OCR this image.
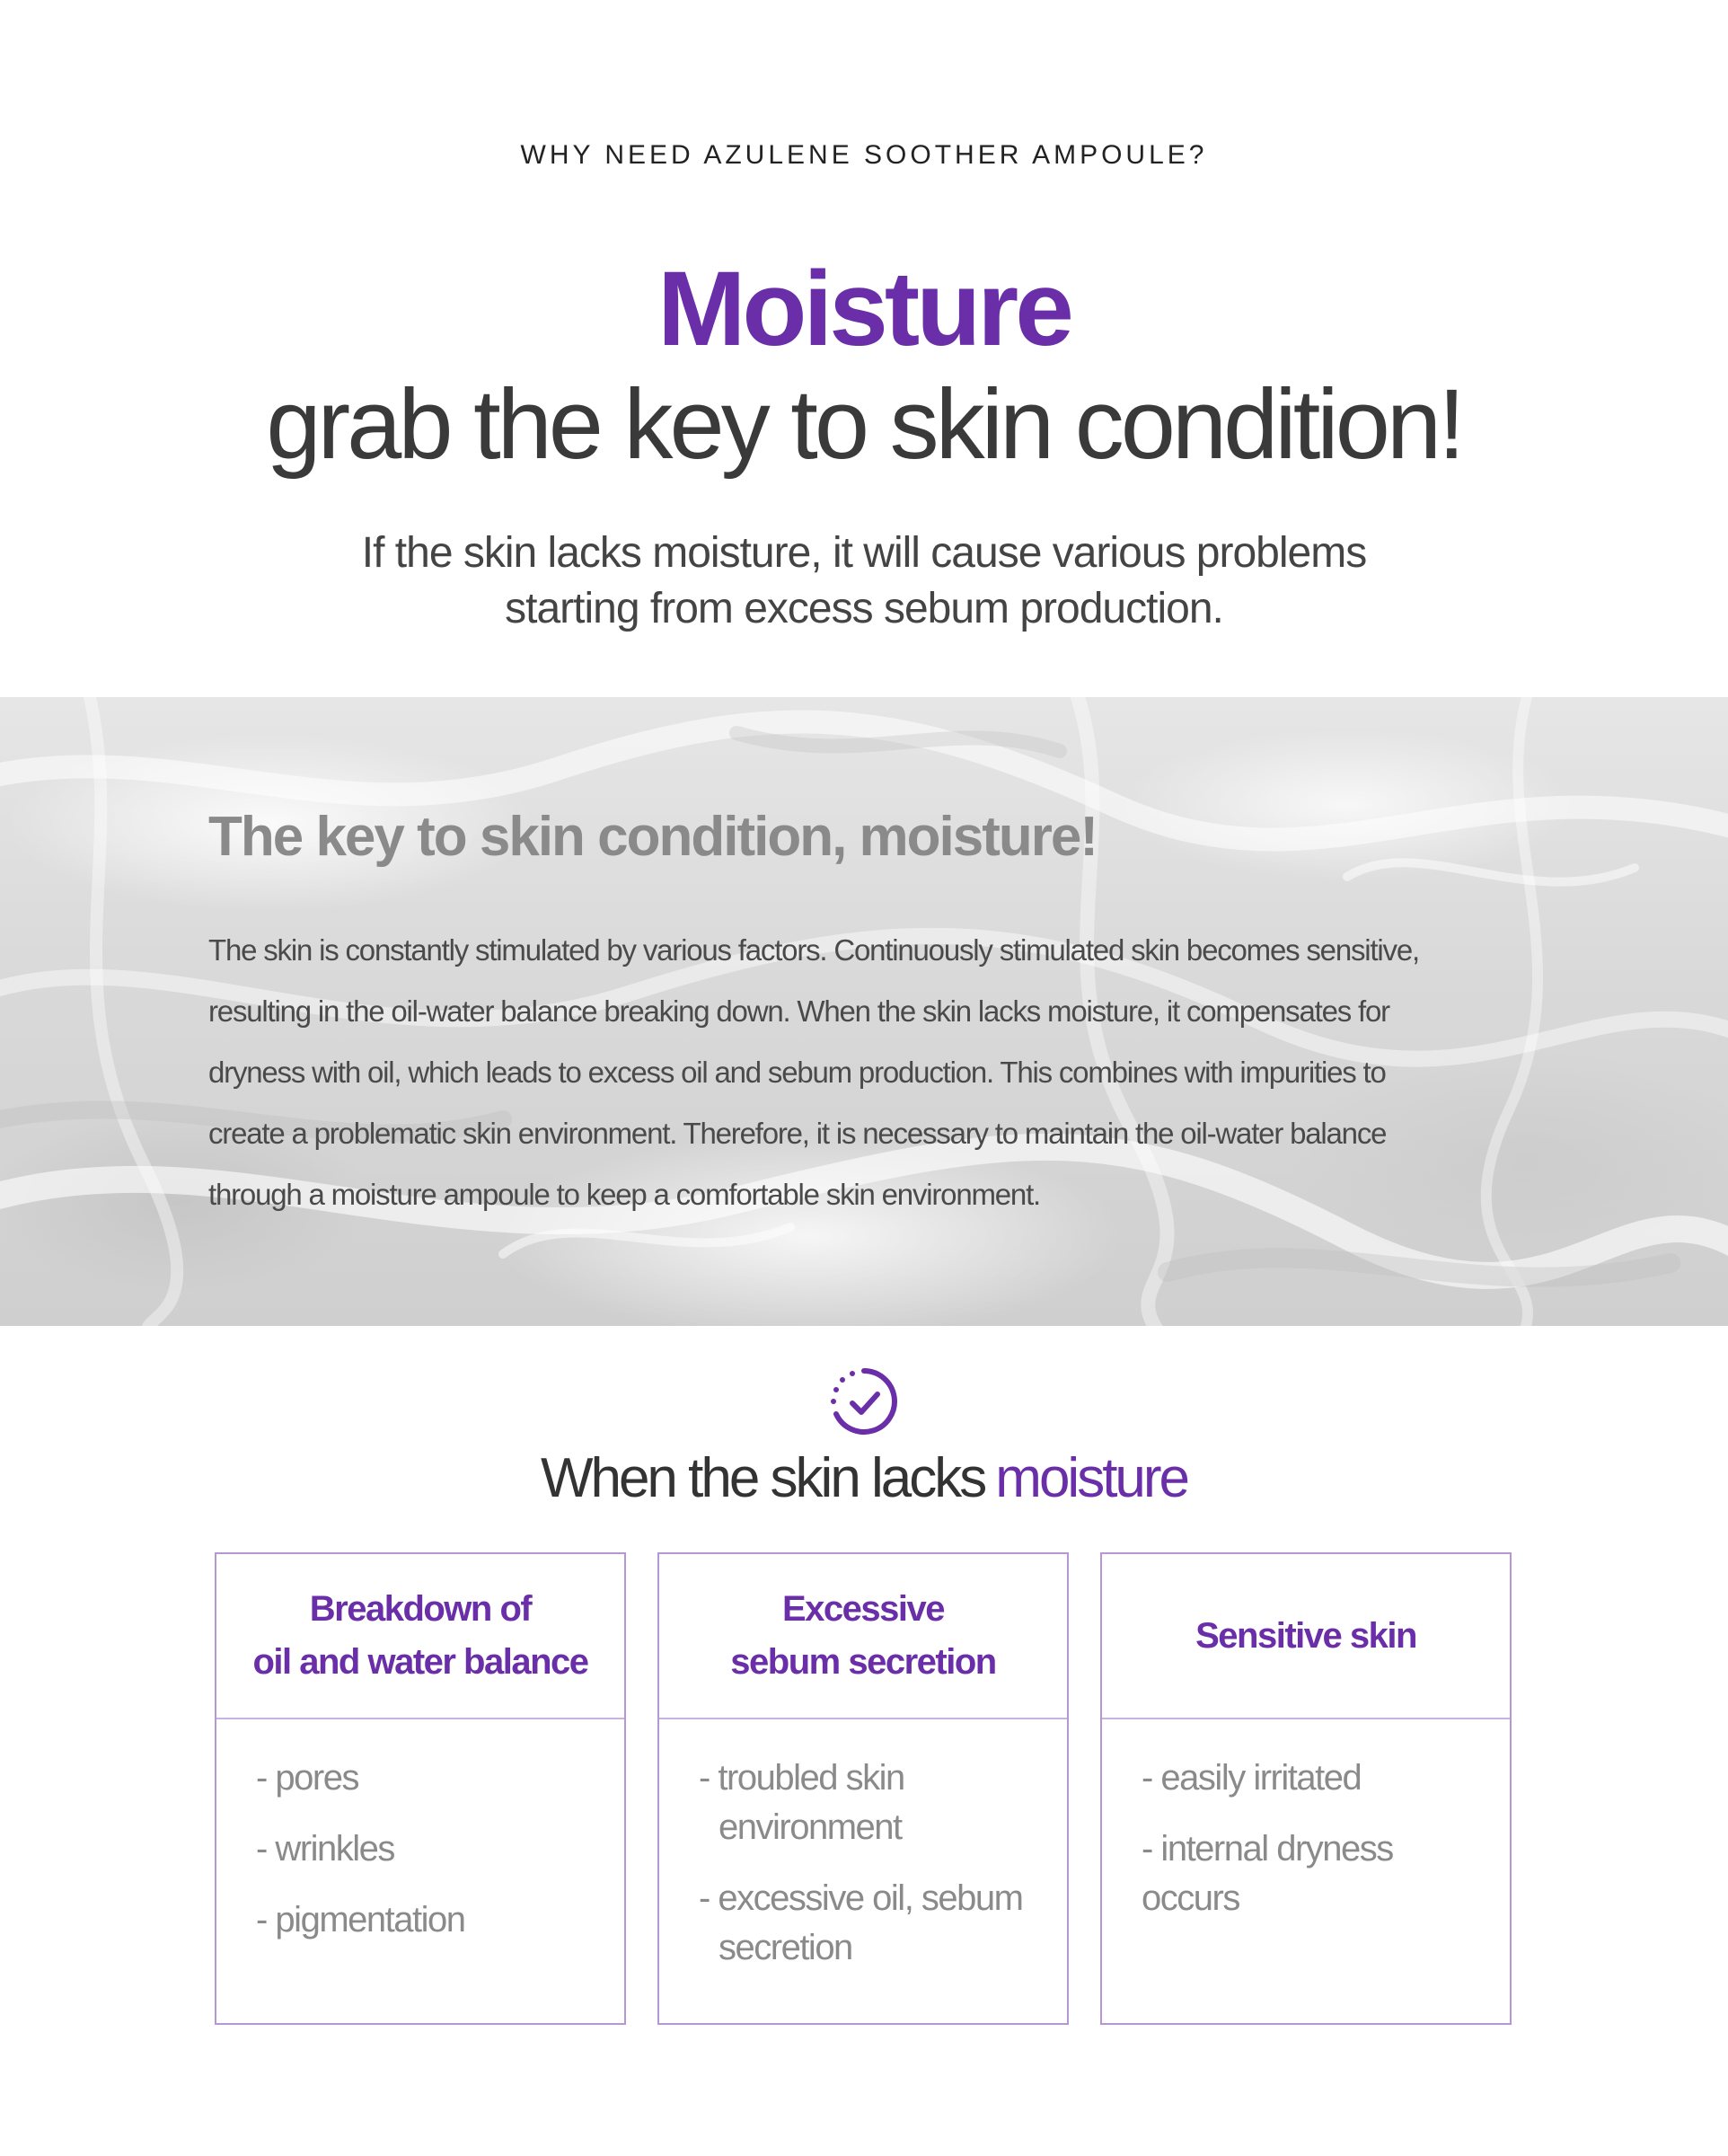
WHY NEED AZULENE SOOTHER AMPOULE?
Moisture
grab the key to skin condition!
If the skin lacks moisture, it will cause various problems
starting from excess sebum production.
The key to skin condition, moisture!
The skin is constantly stimulated by various factors. Continuously stimulated skin becomes sensitive,
resulting in the oil-water balance breaking down. When the skin lacks moisture, it compensates for
dryness with oil, which leads to excess oil and sebum production. This combines with impurities to
create a problematic skin environment. Therefore, it is necessary to maintain the oil-water balance
through a moisture ampoule to keep a comfortable skin environment.
When the skin lacks moisture
Breakdown of
oil and water balance
- pores
- wrinkles
- pigmentation
Excessive
sebum secretion
- troubled skin
environment
- excessive oil, sebum
secretion
Sensitive skin
- easily irritated
- internal dryness occurs
